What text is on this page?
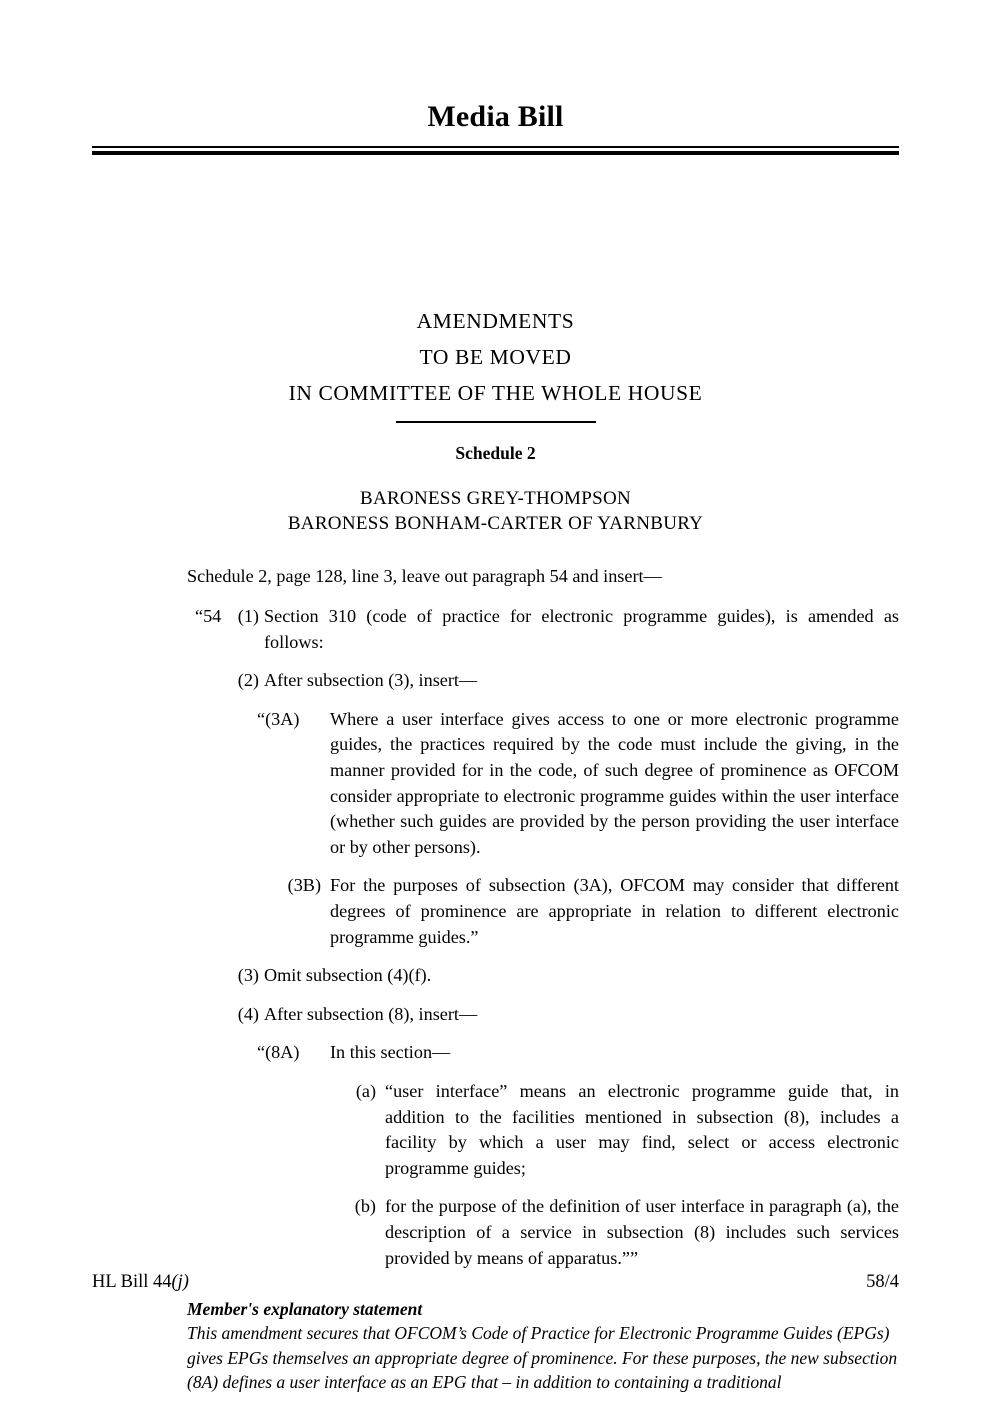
Media Bill
AMENDMENTS
TO BE MOVED
IN COMMITTEE OF THE WHOLE HOUSE
Schedule 2
BARONESS GREY-THOMPSON
BARONESS BONHAM-CARTER OF YARNBURY
Schedule 2, page 128, line 3, leave out paragraph 54 and insert—
“54 (1) Section 310 (code of practice for electronic programme guides), is amended as follows:
(2) After subsection (3), insert—
“(3A)	Where a user interface gives access to one or more electronic programme guides, the practices required by the code must include the giving, in the manner provided for in the code, of such degree of prominence as OFCOM consider appropriate to electronic programme guides within the user interface (whether such guides are provided by the person providing the user interface or by other persons).
(3B) For the purposes of subsection (3A), OFCOM may consider that different degrees of prominence are appropriate in relation to different electronic programme guides.”
(3) Omit subsection (4)(f).
(4) After subsection (8), insert—
“(8A)	In this section—
(a) “user interface” means an electronic programme guide that, in addition to the facilities mentioned in subsection (8), includes a facility by which a user may find, select or access electronic programme guides;
(b) for the purpose of the definition of user interface in paragraph (a), the description of a service in subsection (8) includes such services provided by means of apparatus.””
Member's explanatory statement
This amendment secures that OFCOM’s Code of Practice for Electronic Programme Guides (EPGs) gives EPGs themselves an appropriate degree of prominence. For these purposes, the new subsection (8A) defines a user interface as an EPG that – in addition to containing a traditional
HL Bill 44(j)	58/4
